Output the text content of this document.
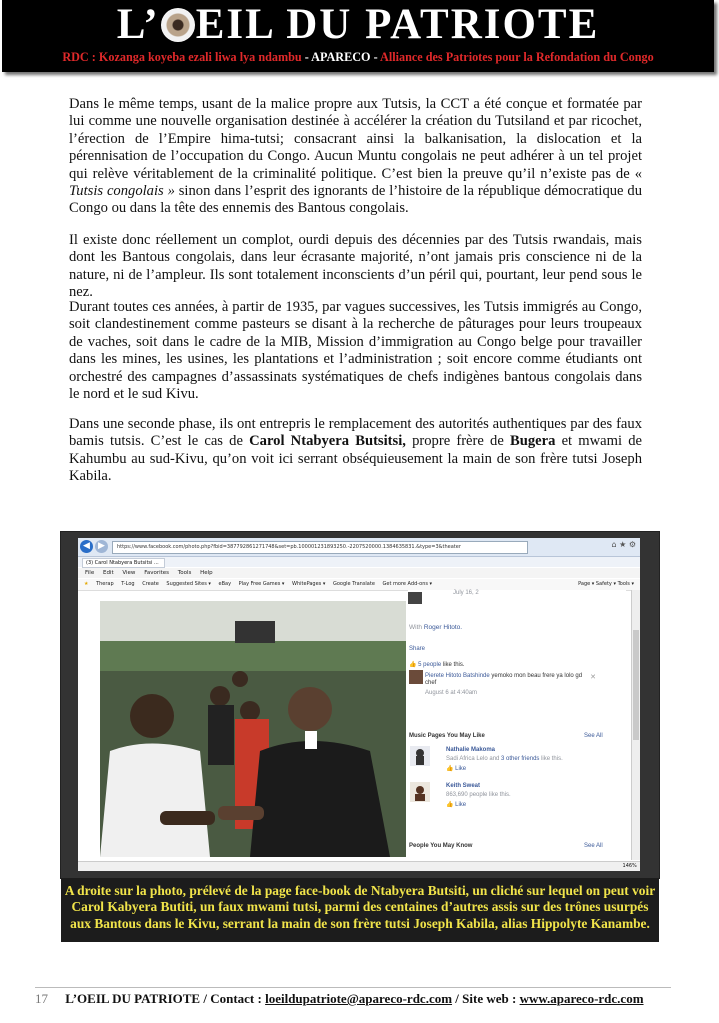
L’ EIL DU PATRIOTE
RDC : Kozanga koyeba ezali liwa lya ndambu - APARECO - Alliance des Patriotes pour la Refondation du Congo

Dans le même temps, usant de la malice propre aux Tutsis, la CCT a été conçue et formatée par lui comme une nouvelle organisation destinée à accélérer la création du Tutsiland et par ricochet, l’érection de l’Empire hima-tutsi; consacrant ainsi la balkanisation, la dislocation et la pérennisation de l’occupation du Congo. Aucun Muntu congolais ne peut adhérer à un tel projet qui relève véritablement de la criminalité politique. C’est bien la preuve qu’il n’existe pas de « Tutsis congolais » sinon dans l’esprit des ignorants de l’histoire de la république démocratique du Congo ou dans la tête des ennemis des Bantous congolais.

Il existe donc réellement un complot, ourdi depuis des décennies par des Tutsis rwandais, mais dont les Bantous congolais, dans leur écrasante majorité, n’ont jamais pris conscience ni de la nature, ni de l’ampleur. Ils sont totalement inconscients d’un péril qui, pourtant, leur pend sous le nez.

Durant toutes ces années, à partir de 1935, par vagues successives, les Tutsis immigrés au Congo, soit clandestinement comme pasteurs se disant à la recherche de pâturages pour leurs troupeaux de vaches, soit dans le cadre de la MIB, Mission d’immigration au Congo belge pour travailler dans les mines, les usines, les plantations et l’administration ; soit encore comme étudiants ont orchestré des campagnes d’assassinats systématiques de chefs indigènes bantous congolais dans le nord et le sud Kivu.

Dans une seconde phase, ils ont entrepris le remplacement des autorités authentiques par des faux bamis tutsis. C’est le cas de Carol Ntabyera Butsitsi, propre frère de Bugera et mwami de Kahumbu au sud-Kivu, qu’on voit ici serrant obséquieusement la main de son frère tutsi Joseph Kabila.

◀ ▶	https://www.facebook.com/photo.php?fbid=387792861271748&set=pb.100001231893250.-2207520000.1384635831.&type=3&theater	⌂ ★ ⚙
(3) Carol Ntabyera Butsitsi ...
File Edit View Favorites Tools Help
★ Therap T-Log Create Suggested Sites ▾ eBay Play Free Games ▾ WhitePages ▾ Google Translate Get more Add-ons ▾	Page ▾ Safety ▾ Tools ▾
July 16, 2
With Roger Hitoto.
Share
👍 5 people like this.
Pierete Hitoto Batshinde yemoko mon beau frere ya lolo gd chef
✕
August 6 at 4:40am
Music Pages You May Like	See All
Nathalie Makoma
Sadi Africa Lelo and 3 other friends like this.
👍 Like
Keith Sweat
863,690 people like this.
👍 Like
People You May Know	See All
146%
A droite sur la photo, prélevé de la page face-book de Ntabyera Butsiti, un cliché sur lequel on peut voir Carol Kabyera Butiti, un faux mwami tutsi, parmi des centaines d’autres assis sur des trônes usurpés aux Bantous dans le Kivu, serrant la main de son frère tutsi Joseph Kabila, alias Hippolyte Kanambe.
17 L’OEIL DU PATRIOTE / Contact : loeildupatriote@apareco-rdc.com / Site web : www.apareco-rdc.com
